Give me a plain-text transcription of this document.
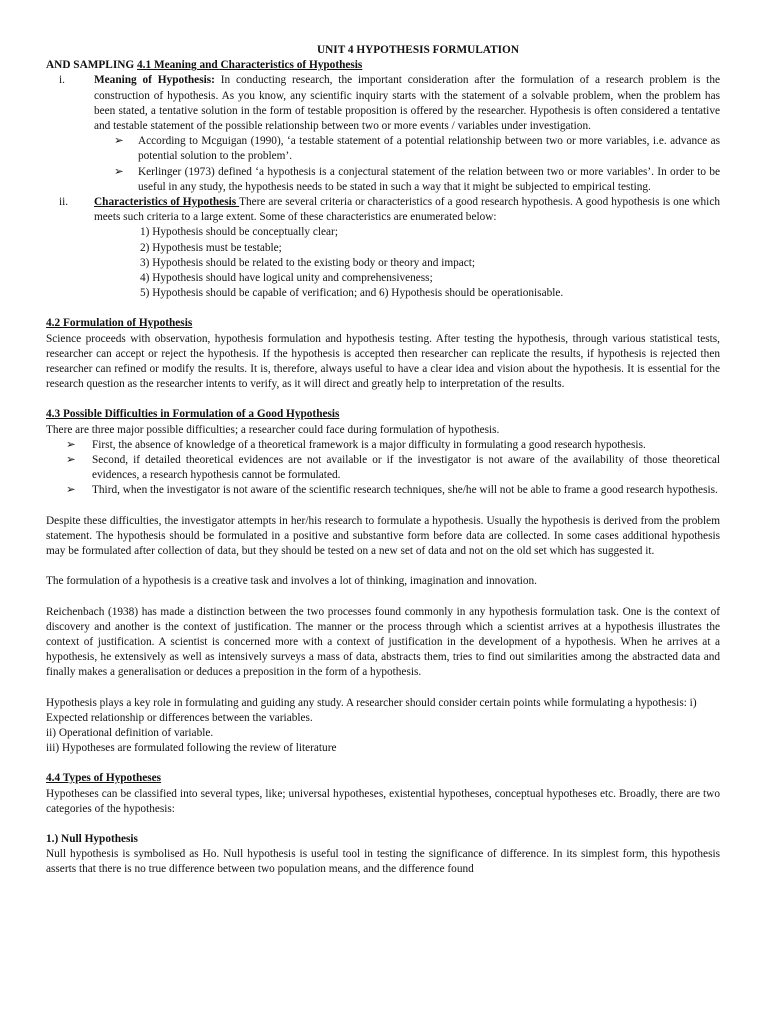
UNIT 4 HYPOTHESIS FORMULATION
AND SAMPLING 4.1 Meaning and Characteristics of Hypothesis
i.	Meaning of Hypothesis: In conducting research, the important consideration after the formulation of a research problem is the construction of hypothesis. As you know, any scientific inquiry starts with the statement of a solvable problem, when the problem has been stated, a tentative solution in the form of testable proposition is offered by the researcher. Hypothesis is often considered a tentative and testable statement of the possible relationship between two or more events / variables under investigation.

➢	According to Mcguigan (1990), ‘a testable statement of a potential relationship between two or more variables, i.e. advance as potential solution to the problem’.
➢	Kerlinger (1973) defined ‘a hypothesis is a conjectural statement of the relation between two or more variables’. In order to be useful in any study, the hypothesis needs to be stated in such a way that it might be subjected to empirical testing.
ii.	Characteristics of Hypothesis There are several criteria or characteristics of a good research hypothesis. A good hypothesis is one which meets such criteria to a large extent. Some of these characteristics are enumerated below:

1) Hypothesis should be conceptually clear;
2) Hypothesis must be testable;
3) Hypothesis should be related to the existing body or theory and impact;
4) Hypothesis should have logical unity and comprehensiveness;
5) Hypothesis should be capable of verification; and 6) Hypothesis should be operationisable.

4.2 Formulation of Hypothesis

Science proceeds with observation, hypothesis formulation and hypothesis testing. After testing the hypothesis, through various statistical tests, researcher can accept or reject the hypothesis. If the hypothesis is accepted then researcher can replicate the results, if hypothesis is rejected then researcher can refined or modify the results. It is, therefore, always useful to have a clear idea and vision about the hypothesis. It is essential for the research question as the researcher intents to verify, as it will direct and greatly help to interpretation of the results.

4.3 Possible Difficulties in Formulation of a Good Hypothesis

There are three major possible difficulties; a researcher could face during formulation of hypothesis.

➢	First, the absence of knowledge of a theoretical framework is a major difficulty in formulating a good research hypothesis.
➢	Second, if detailed theoretical evidences are not available or if the investigator is not aware of the availability of those theoretical evidences, a research hypothesis cannot be formulated.
➢	Third, when the investigator is not aware of the scientific research techniques, she/he will not be able to frame a good research hypothesis.

Despite these difficulties, the investigator attempts in her/his research to formulate a hypothesis. Usually the hypothesis is derived from the problem statement. The hypothesis should be formulated in a positive and substantive form before data are collected. In some cases additional hypothesis may be formulated after collection of data, but they should be tested on a new set of data and not on the old set which has suggested it.

The formulation of a hypothesis is a creative task and involves a lot of thinking, imagination and innovation.

Reichenbach (1938) has made a distinction between the two processes found commonly in any hypothesis formulation task. One is the context of discovery and another is the context of justification. The manner or the process through which a scientist arrives at a hypothesis illustrates the context of justification. A scientist is concerned more with a context of justification in the development of a hypothesis. When he arrives at a hypothesis, he extensively as well as intensively surveys a mass of data, abstracts them, tries to find out similarities among the abstracted data and finally makes a generalisation or deduces a preposition in the form of a hypothesis.

Hypothesis plays a key role in formulating and guiding any study. A researcher should consider certain points while formulating a hypothesis: i) Expected relationship or differences between the variables.

ii) Operational definition of variable.

iii) Hypotheses are formulated following the review of literature

4.4 Types of Hypotheses

Hypotheses can be classified into several types, like; universal hypotheses, existential hypotheses, conceptual hypotheses etc. Broadly, there are two categories of the hypothesis:

1.) Null Hypothesis

Null hypothesis is symbolised as Ho. Null hypothesis is useful tool in testing the significance of difference. In its simplest form, this hypothesis asserts that there is no true difference between two population means, and the difference found
